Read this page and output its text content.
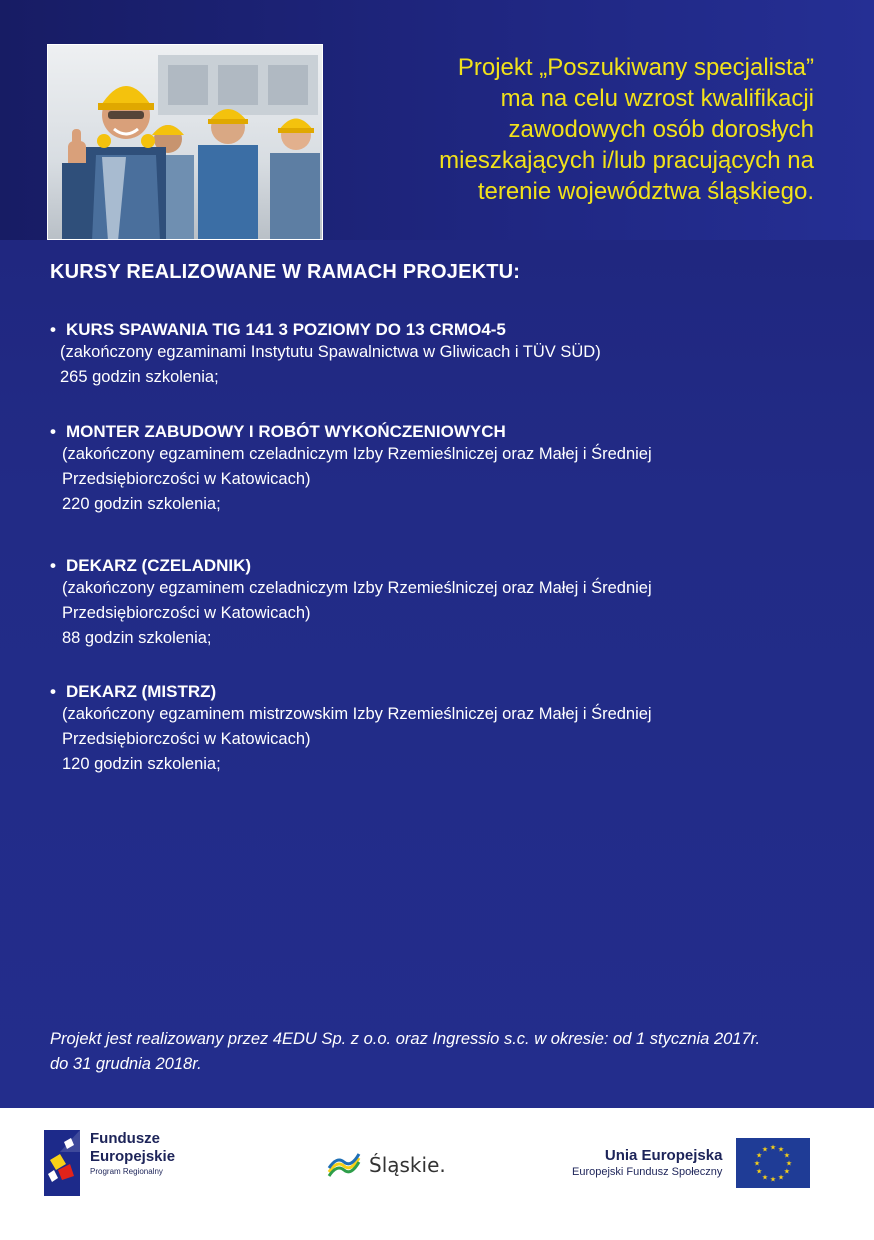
Projekt „Poszukiwany specjalista”
ma na celu wzrost kwalifikacji
zawodowych osób dorosłych
mieszkających i/lub pracujących na
terenie województwa śląskiego.
KURSY REALIZOWANE W RAMACH PROJEKTU:
• KURS SPAWANIA TIG 141 3 POZIOMY DO 13 CRMO4-5
(zakończony egzaminami Instytutu Spawalnictwa w Gliwicach i TÜV SÜD)
265 godzin szkolenia;
• MONTER ZABUDOWY I ROBÓT WYKOŃCZENIOWYCH
(zakończony egzaminem czeladniczym Izby Rzemieślniczej oraz Małej i Średniej
Przedsiębiorczości w Katowicach)
220 godzin szkolenia;
• DEKARZ (CZELADNIK)
(zakończony egzaminem czeladniczym Izby Rzemieślniczej oraz Małej i Średniej
Przedsiębiorczości w Katowicach)
88 godzin szkolenia;
• DEKARZ (MISTRZ)
(zakończony egzaminem mistrzowskim Izby Rzemieślniczej oraz Małej i Średniej
Przedsiębiorczości w Katowicach)
120 godzin szkolenia;
Projekt jest realizowany przez 4EDU Sp. z o.o. oraz Ingressio s.c. w okresie: od 1 stycznia 2017r.
do 31 grudnia 2018r.
Fundusze
Europejskie
Program Regionalny	Śląskie.	Unia Europejska
Europejski Fundusz Społeczny
★ ★
★
★
★
★
★
★
★
★
★
★
